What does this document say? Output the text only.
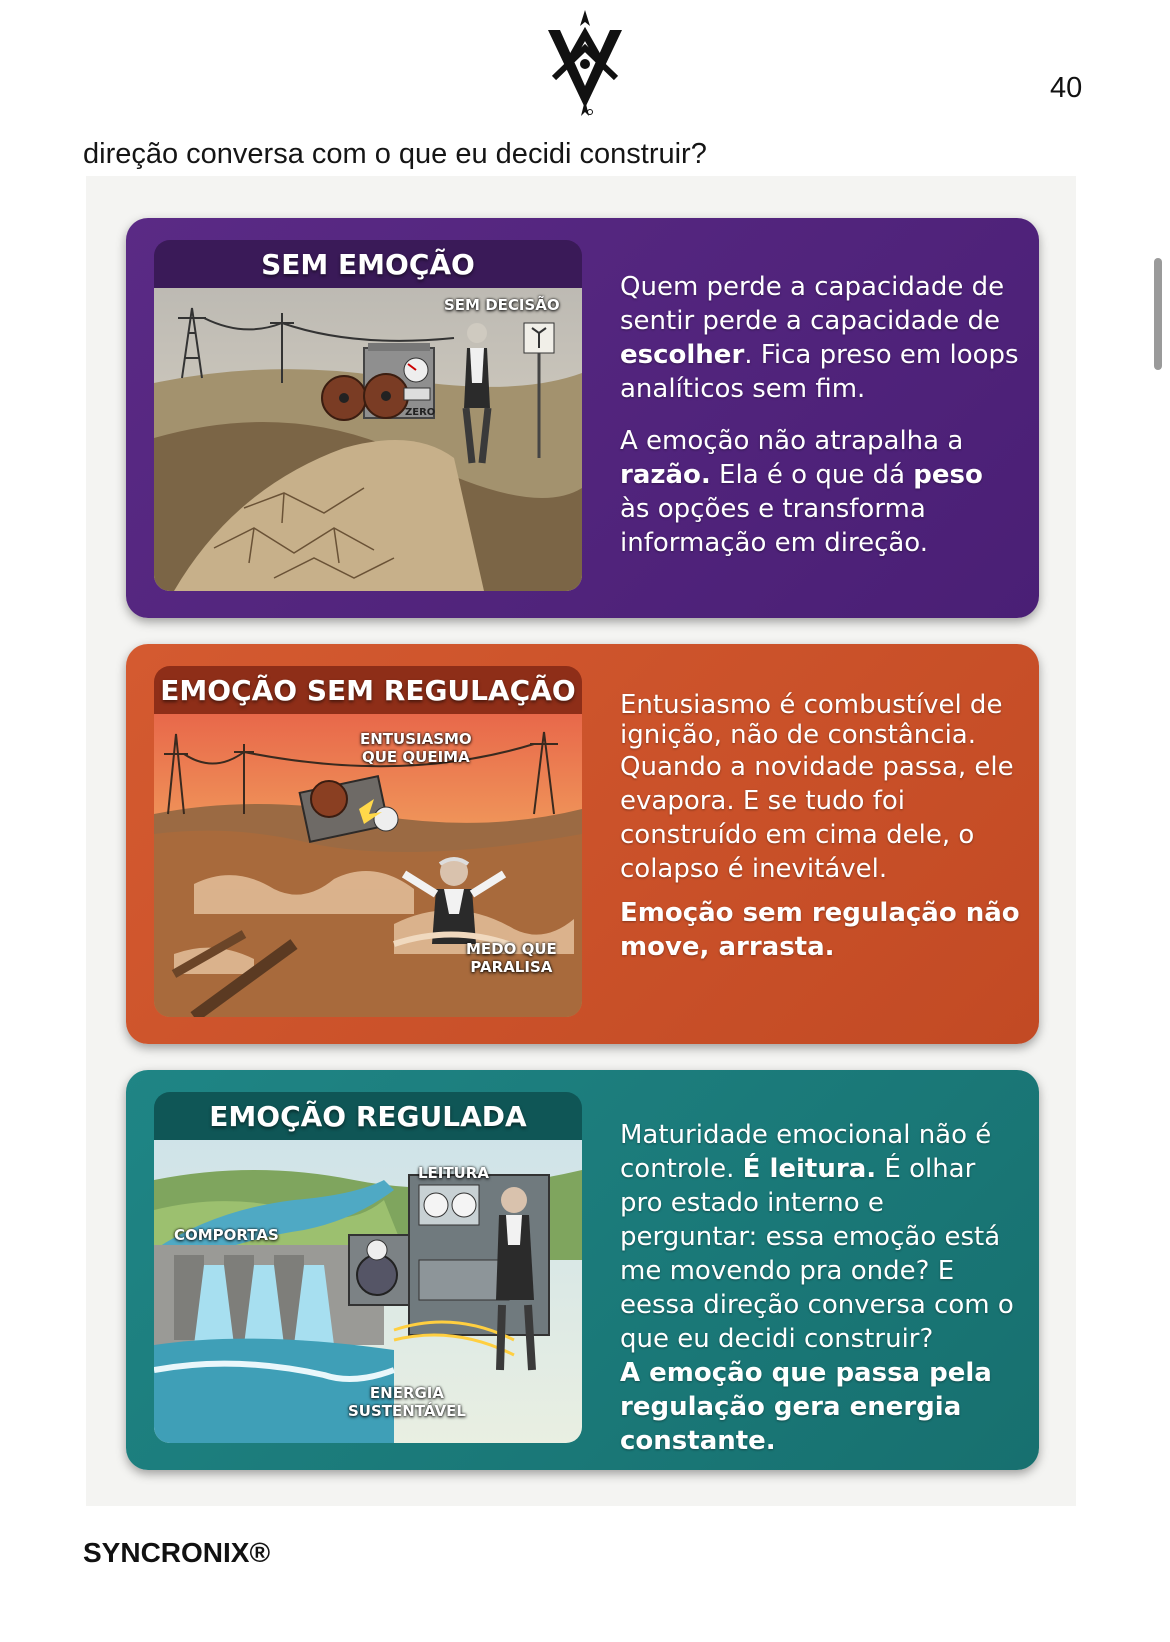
40
direção conversa com o que eu decidi construir?
SEM EMOÇÃO
SEM DECISÃO
ZERO

Quem perde a capacidade de sentir perde a capacidade de escolher. Fica preso em loops analíticos sem fim.

A emoção não atrapalha a razão. Ela é o que dá peso às opções e transforma informação em direção.

EMOÇÃO SEM REGULAÇÃO
ENTUSIASMO
QUE QUEIMA
MEDO QUE
PARALISA

Entusiasmo é combustível de ignição, não de constância.

Quando a novidade passa, ele evapora. E se tudo foi construído em cima dele, o colapso é inevitável.

Emoção sem regulação não move, arrasta.

EMOÇÃO REGULADA
LEITURA
COMPORTAS
ENERGIA
SUSTENTÁVEL

Maturidade emocional não é controle. É leitura. É olhar pro estado interno e perguntar: essa emoção está me movendo pra onde? E eessa direção conversa com o que eu decidi construir?

A emoção que passa pela regulação gera energia constante.

SYNCRONIX®
